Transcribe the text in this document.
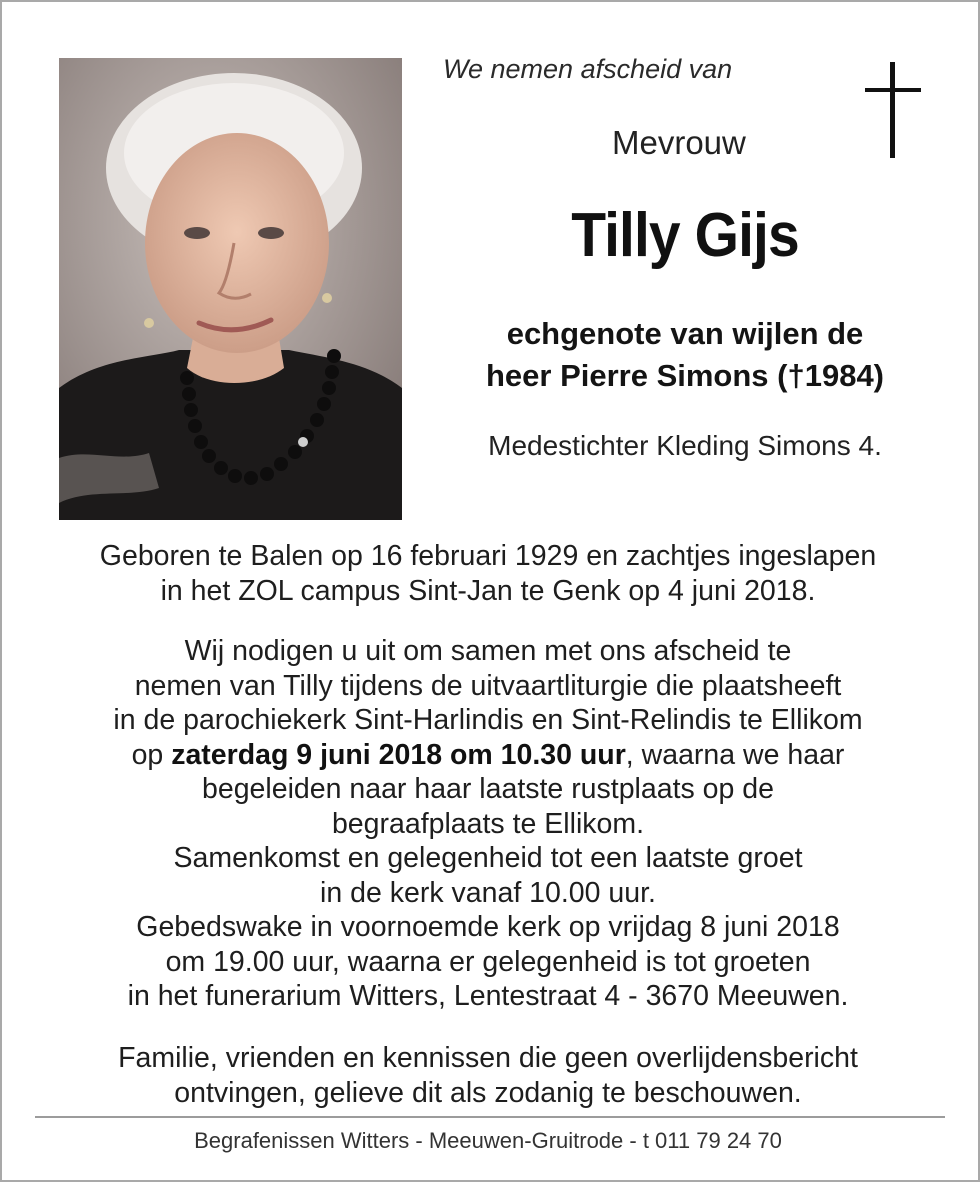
We nemen afscheid van
Mevrouw
Tilly Gijs
echgenote van wijlen de
heer Pierre Simons (†1984)
Medestichter Kleding Simons 4.
Geboren te Balen op 16 februari 1929 en zachtjes ingeslapen
in het ZOL campus Sint-Jan te Genk op 4 juni 2018.
Wij nodigen u uit om samen met ons afscheid te
nemen van Tilly tijdens de uitvaartliturgie die plaatsheeft
in de parochiekerk Sint-Harlindis en Sint-Relindis te Ellikom
op zaterdag 9 juni 2018 om 10.30 uur, waarna we haar
begeleiden naar haar laatste rustplaats op de
begraafplaats te Ellikom.
Samenkomst en gelegenheid tot een laatste groet
in de kerk vanaf 10.00 uur.
Gebedswake in voornoemde kerk op vrijdag 8 juni 2018
om 19.00 uur, waarna er gelegenheid is tot groeten
in het funerarium Witters, Lentestraat 4 - 3670 Meeuwen.
Familie, vrienden en kennissen die geen overlijdensbericht
ontvingen, gelieve dit als zodanig te beschouwen.
Begrafenissen Witters - Meeuwen-Gruitrode - t 011 79 24 70
